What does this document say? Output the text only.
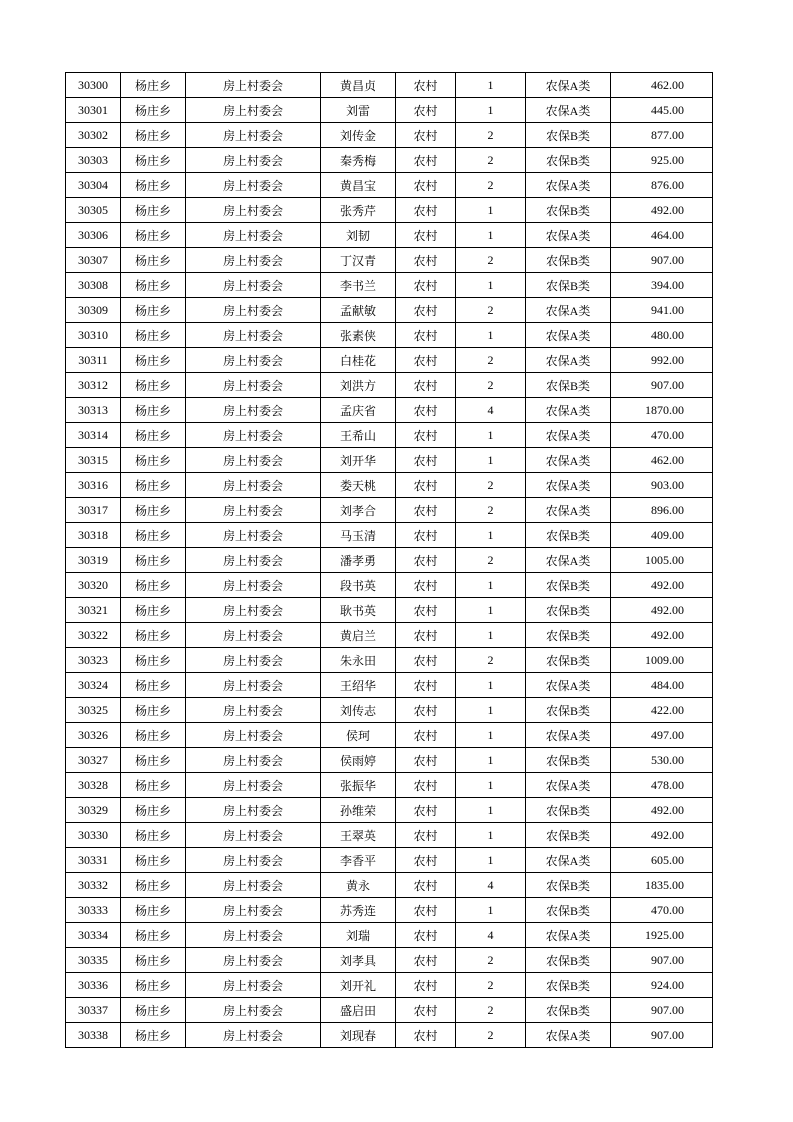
30300	杨庄乡	房上村委会	黄昌贞	农村	1	农保A类	462.00
30301	杨庄乡	房上村委会	刘雷	农村	1	农保A类	445.00
30302	杨庄乡	房上村委会	刘传金	农村	2	农保B类	877.00
30303	杨庄乡	房上村委会	秦秀梅	农村	2	农保B类	925.00
30304	杨庄乡	房上村委会	黄昌宝	农村	2	农保A类	876.00
30305	杨庄乡	房上村委会	张秀芹	农村	1	农保B类	492.00
30306	杨庄乡	房上村委会	刘韧	农村	1	农保A类	464.00
30307	杨庄乡	房上村委会	丁汉青	农村	2	农保B类	907.00
30308	杨庄乡	房上村委会	李书兰	农村	1	农保B类	394.00
30309	杨庄乡	房上村委会	孟献敏	农村	2	农保A类	941.00
30310	杨庄乡	房上村委会	张素侠	农村	1	农保A类	480.00
30311	杨庄乡	房上村委会	白桂花	农村	2	农保A类	992.00
30312	杨庄乡	房上村委会	刘洪方	农村	2	农保B类	907.00
30313	杨庄乡	房上村委会	孟庆省	农村	4	农保A类	1870.00
30314	杨庄乡	房上村委会	王希山	农村	1	农保A类	470.00
30315	杨庄乡	房上村委会	刘开华	农村	1	农保A类	462.00
30316	杨庄乡	房上村委会	娄天桃	农村	2	农保A类	903.00
30317	杨庄乡	房上村委会	刘孝合	农村	2	农保A类	896.00
30318	杨庄乡	房上村委会	马玉清	农村	1	农保B类	409.00
30319	杨庄乡	房上村委会	潘孝勇	农村	2	农保A类	1005.00
30320	杨庄乡	房上村委会	段书英	农村	1	农保B类	492.00
30321	杨庄乡	房上村委会	耿书英	农村	1	农保B类	492.00
30322	杨庄乡	房上村委会	黄启兰	农村	1	农保B类	492.00
30323	杨庄乡	房上村委会	朱永田	农村	2	农保B类	1009.00
30324	杨庄乡	房上村委会	王绍华	农村	1	农保A类	484.00
30325	杨庄乡	房上村委会	刘传志	农村	1	农保B类	422.00
30326	杨庄乡	房上村委会	侯珂	农村	1	农保A类	497.00
30327	杨庄乡	房上村委会	侯雨婷	农村	1	农保B类	530.00
30328	杨庄乡	房上村委会	张振华	农村	1	农保A类	478.00
30329	杨庄乡	房上村委会	孙维荣	农村	1	农保B类	492.00
30330	杨庄乡	房上村委会	王翠英	农村	1	农保B类	492.00
30331	杨庄乡	房上村委会	李香平	农村	1	农保A类	605.00
30332	杨庄乡	房上村委会	黄永	农村	4	农保B类	1835.00
30333	杨庄乡	房上村委会	苏秀连	农村	1	农保B类	470.00
30334	杨庄乡	房上村委会	刘瑞	农村	4	农保A类	1925.00
30335	杨庄乡	房上村委会	刘孝具	农村	2	农保B类	907.00
30336	杨庄乡	房上村委会	刘开礼	农村	2	农保B类	924.00
30337	杨庄乡	房上村委会	盛启田	农村	2	农保B类	907.00
30338	杨庄乡	房上村委会	刘现春	农村	2	农保A类	907.00
